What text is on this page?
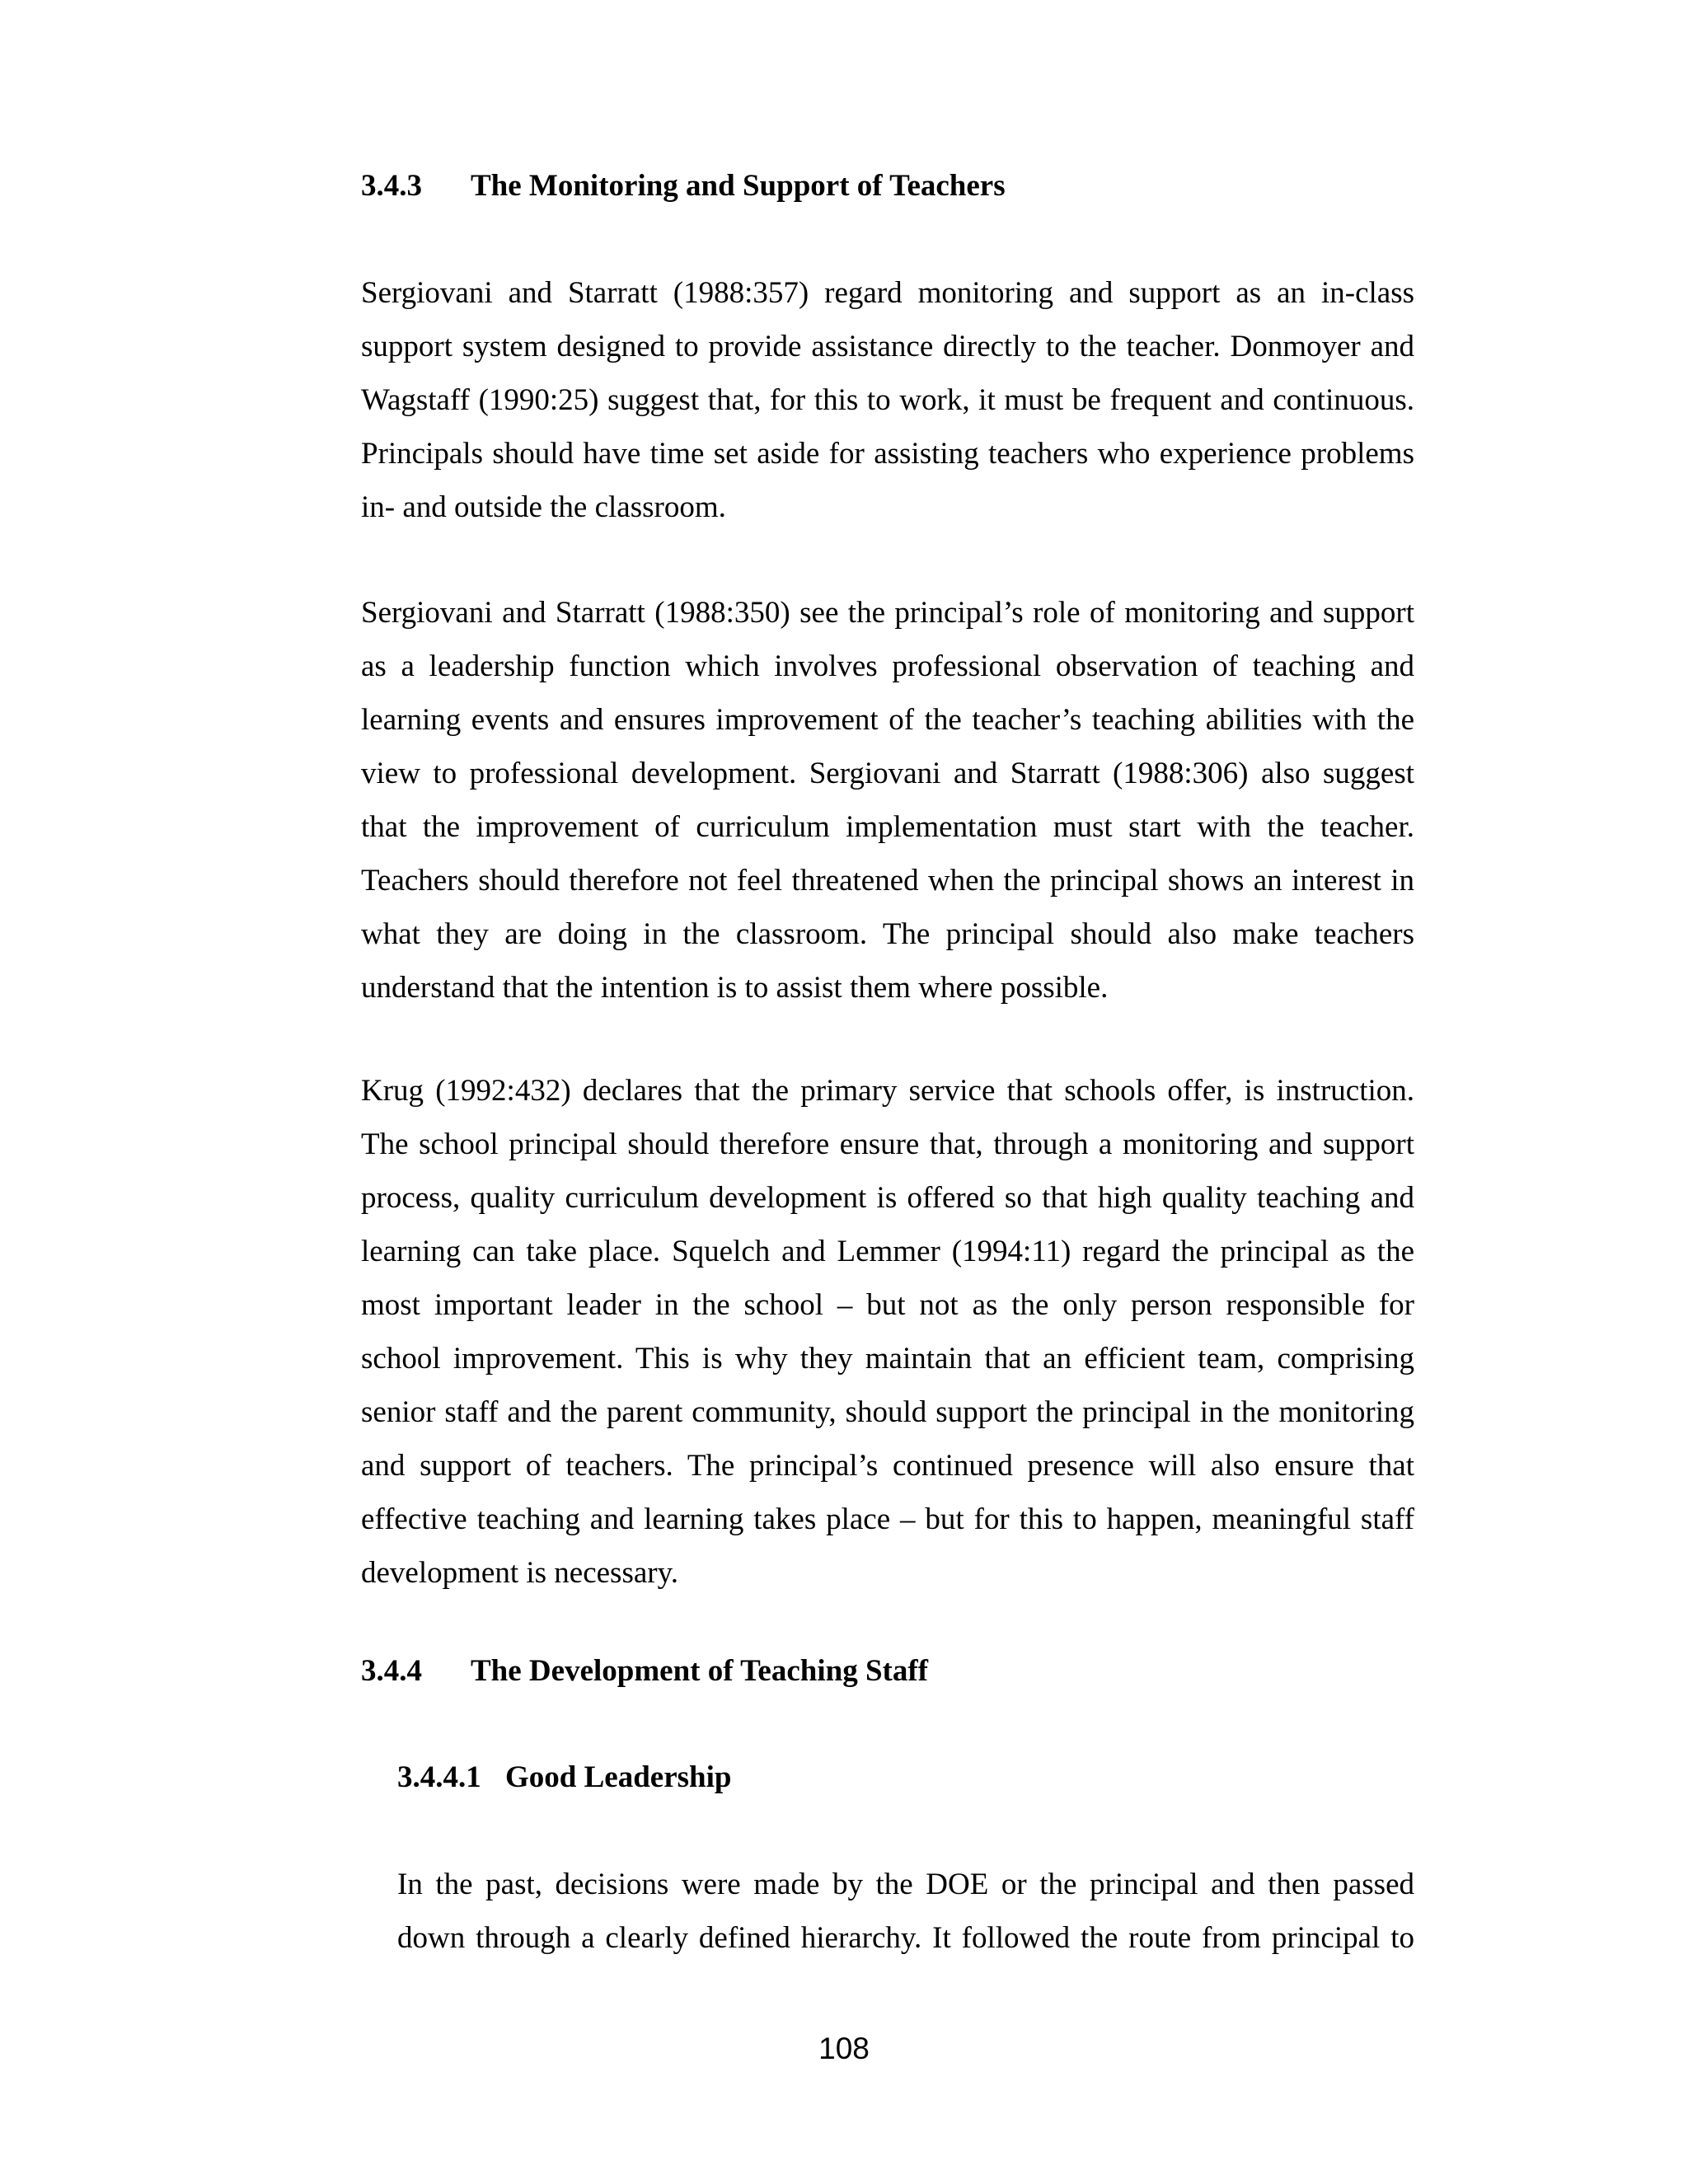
3.4.3 The Monitoring and Support of Teachers
Sergiovani and Starratt (1988:357) regard monitoring and support as an in-class
support system designed to provide assistance directly to the teacher. Donmoyer and
Wagstaff (1990:25) suggest that, for this to work, it must be frequent and continuous.
Principals should have time set aside for assisting teachers who experience problems
in- and outside the classroom.
Sergiovani and Starratt (1988:350) see the principal’s role of monitoring and support
as a leadership function which involves professional observation of teaching and
learning events and ensures improvement of the teacher’s teaching abilities with the
view to professional development. Sergiovani and Starratt (1988:306) also suggest
that the improvement of curriculum implementation must start with the teacher.
Teachers should therefore not feel threatened when the principal shows an interest in
what they are doing in the classroom. The principal should also make teachers
understand that the intention is to assist them where possible.
Krug (1992:432) declares that the primary service that schools offer, is instruction.
The school principal should therefore ensure that, through a monitoring and support
process, quality curriculum development is offered so that high quality teaching and
learning can take place. Squelch and Lemmer (1994:11) regard the principal as the
most important leader in the school – but not as the only person responsible for
school improvement. This is why they maintain that an efficient team, comprising
senior staff and the parent community, should support the principal in the monitoring
and support of teachers. The principal’s continued presence will also ensure that
effective teaching and learning takes place – but for this to happen, meaningful staff
development is necessary.
3.4.4 The Development of Teaching Staff
3.4.4.1 Good Leadership
In the past, decisions were made by the DOE or the principal and then passed
down through a clearly defined hierarchy. It followed the route from principal to
108
